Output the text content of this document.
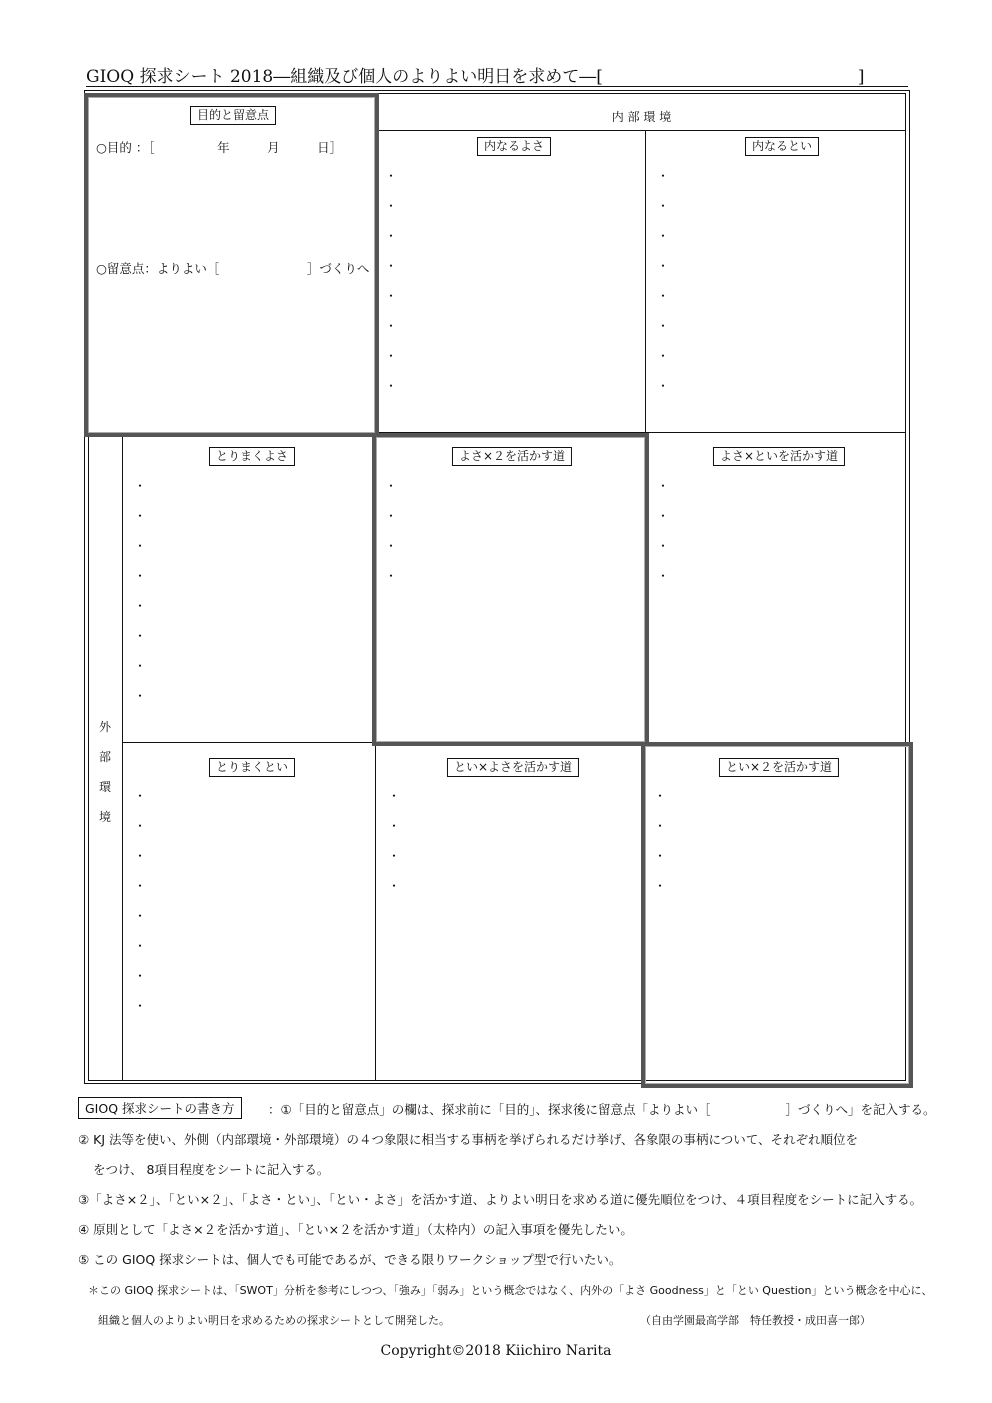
GIOQ 探求シート 2018―組織及び個人のよりよい明日を求めて―[　　　　　　　　　　　　　　　]
目的と留意点
○目的 ：［　　　　　年　　　月　　　日］
○留意点：よりよい［　　　　　　　］づくりへ
内 部 環 境
内なるよさ	内なるとい
・
・
・
・
・
・
・
・
・
・
・
・
・
・
・
・
外
部
環
境
とりまくよさ
・
・
・
・
・
・
・
・
とりまくとい
・
・
・
・
・
・
・
・
よさ×２を活かす道
・
・
・
・
よさ×といを活かす道
・
・
・
・
とい×よさを活かす道
・
・
・
・
とい×２を活かす道
・
・
・
・
GIOQ 探求シートの書き方	：①「目的と留意点」の欄は、探求前に「目的」、探求後に留意点「よりよい［　　　　　　］づくりへ」を記入する。
② KJ 法等を使い、外側（内部環境・外部環境）の４つ象限に相当する事柄を挙げられるだけ挙げ、各象限の事柄について、それぞれ順位を
をつけ、 8項目程度をシートに記入する。
③「よさ×２」、「とい×２」、「よさ・とい」、「とい・よさ」を活かす道、よりよい明日を求める道に優先順位をつけ、４項目程度をシートに記入する。
④ 原則として「よさ×２を活かす道」、「とい×２を活かす道」（太枠内）の記入事項を優先したい。
⑤ この GIOQ 探求シートは、個人でも可能であるが、できる限りワークショップ型で行いたい。
＊この GIOQ 探求シートは、「SWOT」分析を参考にしつつ、「強み」「弱み」という概念ではなく、内外の「よさ Goodness」と「とい Question」という概念を中心に、
組織と個人のよりよい明日を求めるための探求シートとして開発した。	（自由学園最高学部　特任教授・成田喜一郎）
Copyright©2018 Kiichiro Narita
